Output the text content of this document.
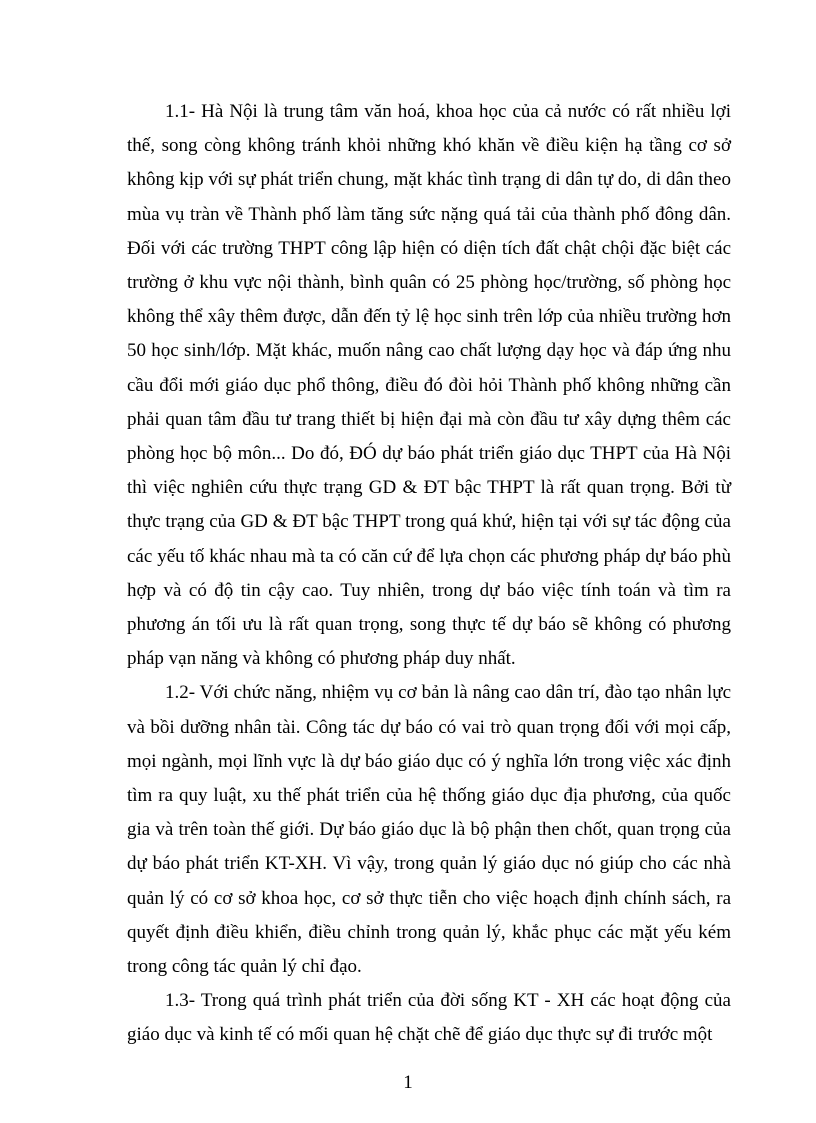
1.1- Hà Nội là trung tâm văn hoá, khoa học của cả nước có rất nhiều lợi thế, song còng không tránh khỏi những khó khăn về điều kiện hạ tầng cơ sở không kịp với sự phát triển chung, mặt khác tình trạng di dân tự do, di dân theo mùa vụ tràn về Thành phố làm tăng sức nặng quá tải của thành phố đông dân. Đối với các trường THPT công lập hiện có diện tích đất chật chội đặc biệt các trường ở khu vực nội thành, bình quân có 25 phòng học/trường, số phòng học không thể xây thêm được, dẫn đến tỷ lệ học sinh trên lớp của nhiều trường hơn 50 học sinh/lớp. Mặt khác, muốn nâng cao chất lượng dạy học và đáp ứng nhu cầu đổi mới giáo dục phổ thông, điều đó đòi hỏi Thành phố không những cần phải quan tâm đầu tư trang thiết bị hiện đại mà còn đầu tư xây dựng thêm các phòng học bộ môn... Do đó, ĐÓ dự báo phát triển giáo dục THPT của Hà Nội thì việc nghiên cứu thực trạng GD & ĐT bậc THPT là rất quan trọng. Bởi từ thực trạng của GD & ĐT bậc THPT trong quá khứ, hiện tại với sự tác động của các yếu tố khác nhau mà ta có căn cứ để lựa chọn các phương pháp dự báo phù hợp và có độ tin cậy cao. Tuy nhiên, trong dự báo việc tính toán và tìm ra phương án tối ưu là rất quan trọng, song thực tế dự báo sẽ không có phương pháp vạn năng và không có phương pháp duy nhất.

1.2- Với chức năng, nhiệm vụ cơ bản là nâng cao dân trí, đào tạo nhân lực và bồi dưỡng nhân tài. Công tác dự báo có vai trò quan trọng đối với mọi cấp, mọi ngành, mọi lĩnh vực là dự báo giáo dục có ý nghĩa lớn trong việc xác định tìm ra quy luật, xu thế phát triển của hệ thống giáo dục địa phương, của quốc gia và trên toàn thế giới. Dự báo giáo dục là bộ phận then chốt, quan trọng của dự báo phát triển KT-XH. Vì vậy, trong quản lý giáo dục nó giúp cho các nhà quản lý có cơ sở khoa học, cơ sở thực tiễn cho việc hoạch định chính sách, ra quyết định điều khiển, điều chỉnh trong quản lý, khắc phục các mặt yếu kém trong công tác quản lý chỉ đạo.

1.3- Trong quá trình phát triển của đời sống KT - XH các hoạt động của giáo dục và kinh tế có mối quan hệ chặt chẽ để giáo dục thực sự đi trước một

1
